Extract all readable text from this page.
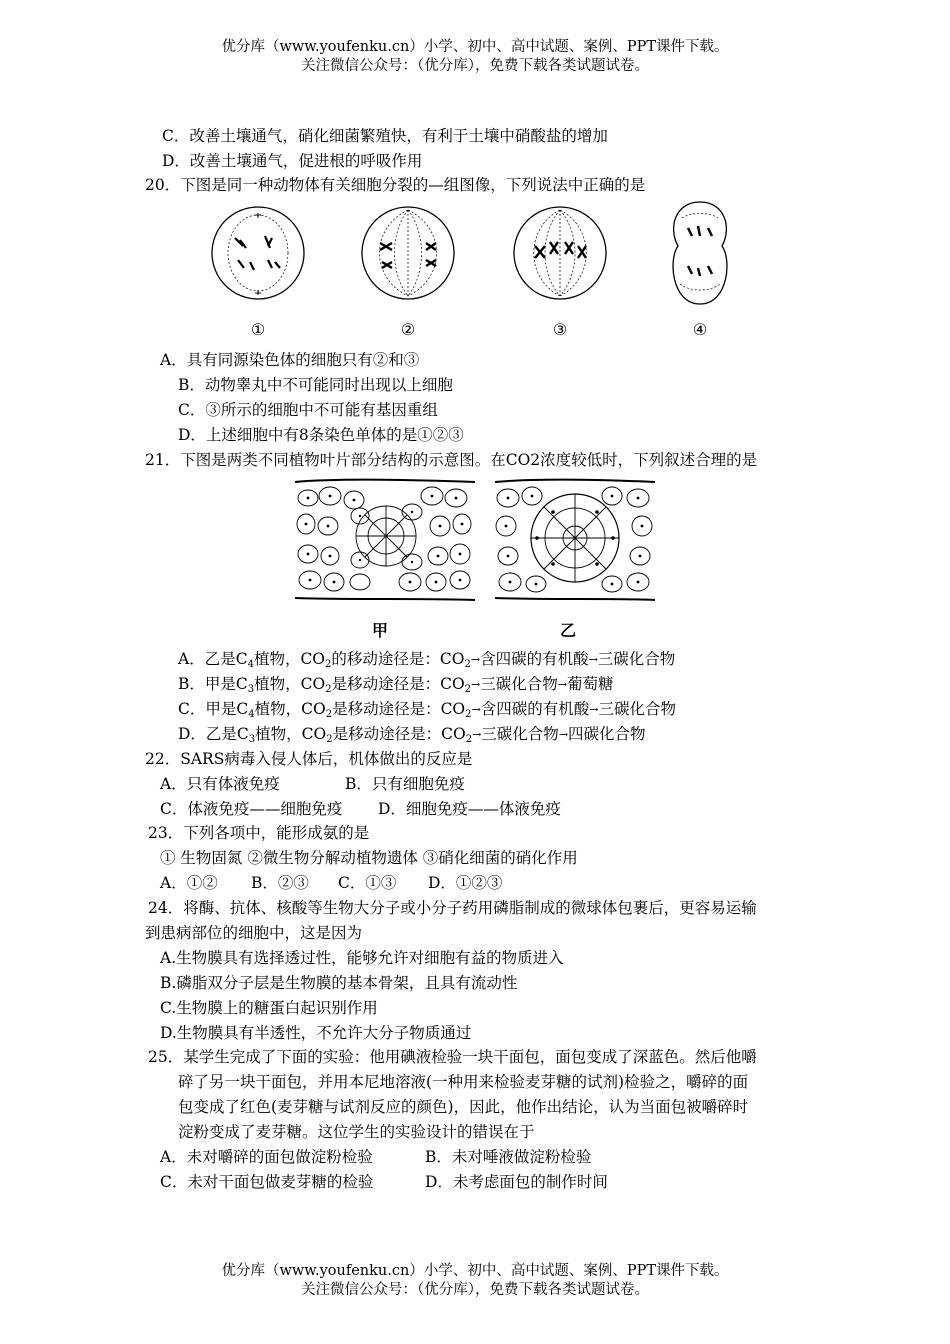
优分库（www.youfenku.cn）小学、初中、高中试题、案例、PPT课件下载。
关注微信公众号：（优分库），免费下载各类试题试卷。
C．改善土壤通气，硝化细菌繁殖快，有利于土壤中硝酸盐的增加
D．改善土壤通气，促进根的呼吸作用
20．下图是同一种动物体有关细胞分裂的—组图像，下列说法中正确的是
①	②	③	④
A．具有同源染色体的细胞只有②和③
B．动物睾丸中不可能同时出现以上细胞
C．③所示的细胞中不可能有基因重组
D．上述细胞中有8条染色单体的是①②③
21．下图是两类不同植物叶片部分结构的示意图。在CO2浓度较低时，下列叙述合理的是
甲	乙
A．乙是$C_4$植物，$CO_2$的移动途径是：$CO_2\to$含四碳的有机酸→三碳化合物
B．甲是$C_3$植物，$CO_2$是移动途径是：$CO_2\to$三碳化合物→葡萄糖
C．甲是$C_4$植物，$CO_2$是移动途径是：$CO_2\to$含四碳的有机酸→三碳化合物
D．乙是$C_3$植物，$CO_2$是移动途径是：$CO_2\to$三碳化合物→四碳化合物
22．SARS病毒入侵人体后，机体做出的反应是
A．只有体液免疫	B．只有细胞免疫
C．体液免疫——细胞免疫 D．细胞免疫——体液免疫
23．下列各项中，能形成氨的是
① 生物固氮 ②微生物分解动植物遗体 ③硝化细菌的硝化作用
A．①② B．②③ C．①③ D．①②③
24．将酶、抗体、核酸等生物大分子或小分子药用磷脂制成的微球体包裹后，更容易运输
到患病部位的细胞中，这是因为
A.生物膜具有选择透过性，能够允许对细胞有益的物质进入
B.磷脂双分子层是生物膜的基本骨架，且具有流动性
C.生物膜上的糖蛋白起识别作用
D.生物膜具有半透性，不允许大分子物质通过
25．某学生完成了下面的实验：他用碘液检验一块干面包，面包变成了深蓝色。然后他嚼
碎了另一块干面包，并用本尼地溶液(一种用来检验麦芽糖的试剂)检验之，嚼碎的面
包变成了红色(麦芽糖与试剂反应的颜色)，因此，他作出结论，认为当面包被嚼碎时
淀粉变成了麦芽糖。这位学生的实验设计的错误在于
A．未对嚼碎的面包做淀粉检验	B．未对唾液做淀粉检验
C．未对干面包做麦芽糖的检验	D．未考虑面包的制作时间
优分库（www.youfenku.cn）小学、初中、高中试题、案例、PPT课件下载。
关注微信公众号：（优分库），免费下载各类试题试卷。
